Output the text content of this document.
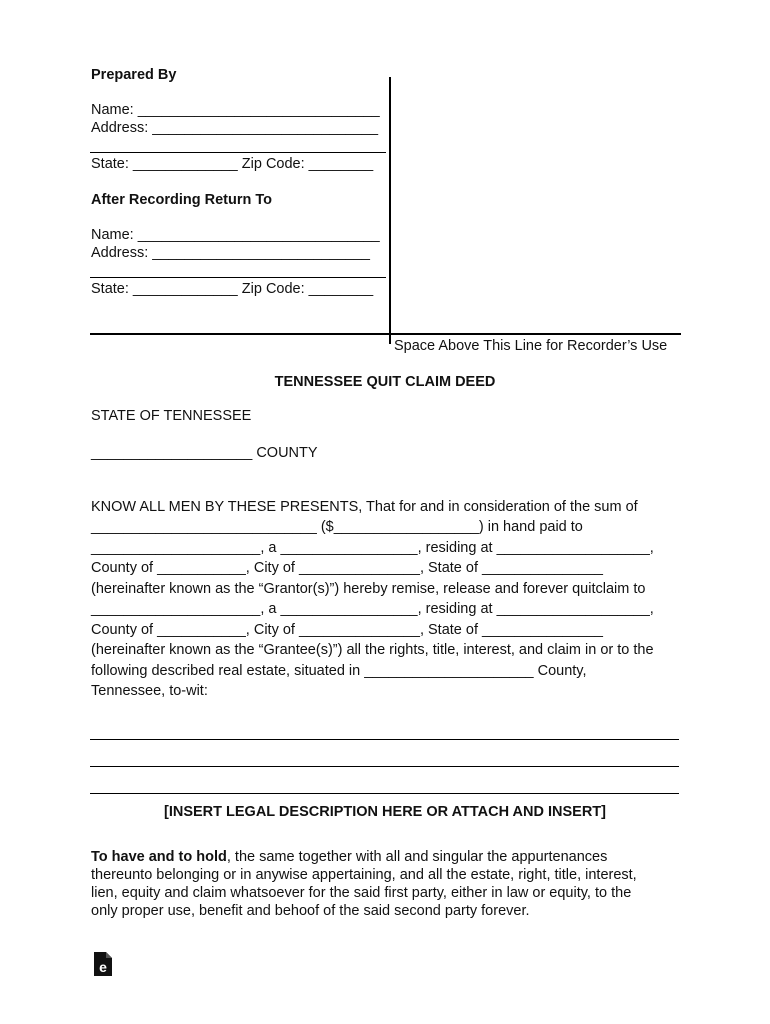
Prepared By
Name: ______________________________
Address: ____________________________
State: _____________ Zip Code: ________
After Recording Return To
Name: ______________________________
Address: ___________________________
State: _____________ Zip Code: ________
Space Above This Line for Recorder’s Use
TENNESSEE QUIT CLAIM DEED
STATE OF TENNESSEE
____________________ COUNTY
KNOW ALL MEN BY THESE PRESENTS, That for and in consideration of the sum of
____________________________ ($__________________) in hand paid to
_____________________, a _________________, residing at ___________________,
County of ___________, City of _______________, State of _______________
(hereinafter known as the “Grantor(s)”) hereby remise, release and forever quitclaim to
_____________________, a _________________, residing at ___________________,
County of ___________, City of _______________, State of _______________
(hereinafter known as the “Grantee(s)”) all the rights, title, interest, and claim in or to the
following described real estate, situated in _____________________ County,
Tennessee, to-wit:
[INSERT LEGAL DESCRIPTION HERE OR ATTACH AND INSERT]
To have and to hold, the same together with all and singular the appurtenances
thereunto belonging or in anywise appertaining, and all the estate, right, title, interest,
lien, equity and claim whatsoever for the said first party, either in law or equity, to the
only proper use, benefit and behoof of the said second party forever.
e
